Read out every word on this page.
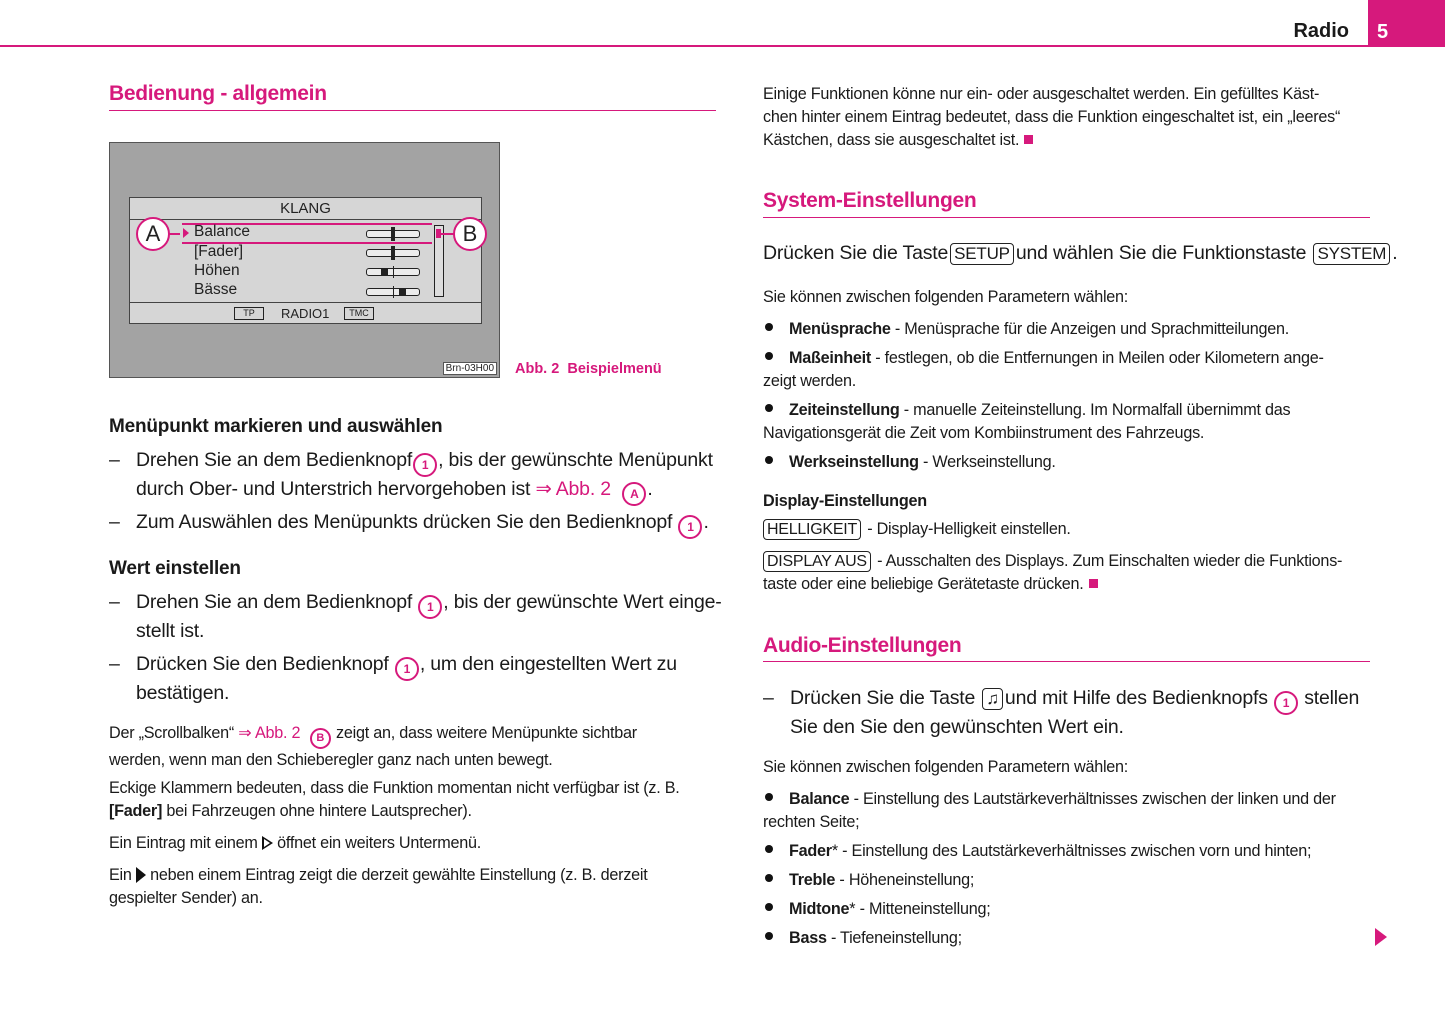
Radio 5
Bedienung - allgemein
KLANG
Balance
[Fader]
Höhen
Bässe
TP	RADIO1	TMC
A	B
Brn-03H00 Abb. 2 Beispielmenü
Menüpunkt markieren und auswählen
– Drehen Sie an dem Bedienknopf 1 , bis der gewünschte Menüpunkt
durch Ober- und Unterstrich hervorgehoben ist ⇒ Abb. 2 A .
– Zum Auswählen des Menüpunkts drücken Sie den Bedienknopf 1 .
Wert einstellen
– Drehen Sie an dem Bedienknopf 1 , bis der gewünschte Wert einge-
stellt ist.
– Drücken Sie den Bedienknopf 1 , um den eingestellten Wert zu
bestätigen.
Der „Scrollbalken“ ⇒ Abb. 2 B zeigt an, dass weitere Menüpunkte sichtbar
werden, wenn man den Schieberegler ganz nach unten bewegt.
Eckige Klammern bedeuten, dass die Funktion momentan nicht verfügbar ist (z. B.
[Fader] bei Fahrzeugen ohne hintere Lautsprecher).
Ein Eintrag mit einem öffnet ein weiters Untermenü.
Ein neben einem Eintrag zeigt die derzeit gewählte Einstellung (z. B. derzeit
gespielter Sender) an.
Einige Funktionen könne nur ein- oder ausgeschaltet werden. Ein gefülltes Käst-
chen hinter einem Eintrag bedeutet, dass die Funktion eingeschaltet ist, ein „leeres“
Kästchen, dass sie ausgeschaltet ist.
System-Einstellungen
Drücken Sie die Taste SETUP und wählen Sie die Funktionstaste SYSTEM .
Sie können zwischen folgenden Parametern wählen:
Menüsprache - Menüsprache für die Anzeigen und Sprachmitteilungen.
Maßeinheit - festlegen, ob die Entfernungen in Meilen oder Kilometern ange-
zeigt werden.
Zeiteinstellung - manuelle Zeiteinstellung. Im Normalfall übernimmt das
Navigationsgerät die Zeit vom Kombiinstrument des Fahrzeugs.
Werkseinstellung - Werkseinstellung.
Display-Einstellungen
HELLIGKEIT - Display-Helligkeit einstellen.
DISPLAY AUS - Ausschalten des Displays. Zum Einschalten wieder die Funktions-
taste oder eine beliebige Gerätetaste drücken.
Audio-Einstellungen
– Drücken Sie die Taste ♫ und mit Hilfe des Bedienknopfs 1 stellen
Sie den Sie den gewünschten Wert ein.
Sie können zwischen folgenden Parametern wählen:
Balance - Einstellung des Lautstärkeverhältnisses zwischen der linken und der
rechten Seite;
Fader* - Einstellung des Lautstärkeverhältnisses zwischen vorn und hinten;
Treble - Höheneinstellung;
Midtone* - Mitteneinstellung;
Bass - Tiefeneinstellung;
